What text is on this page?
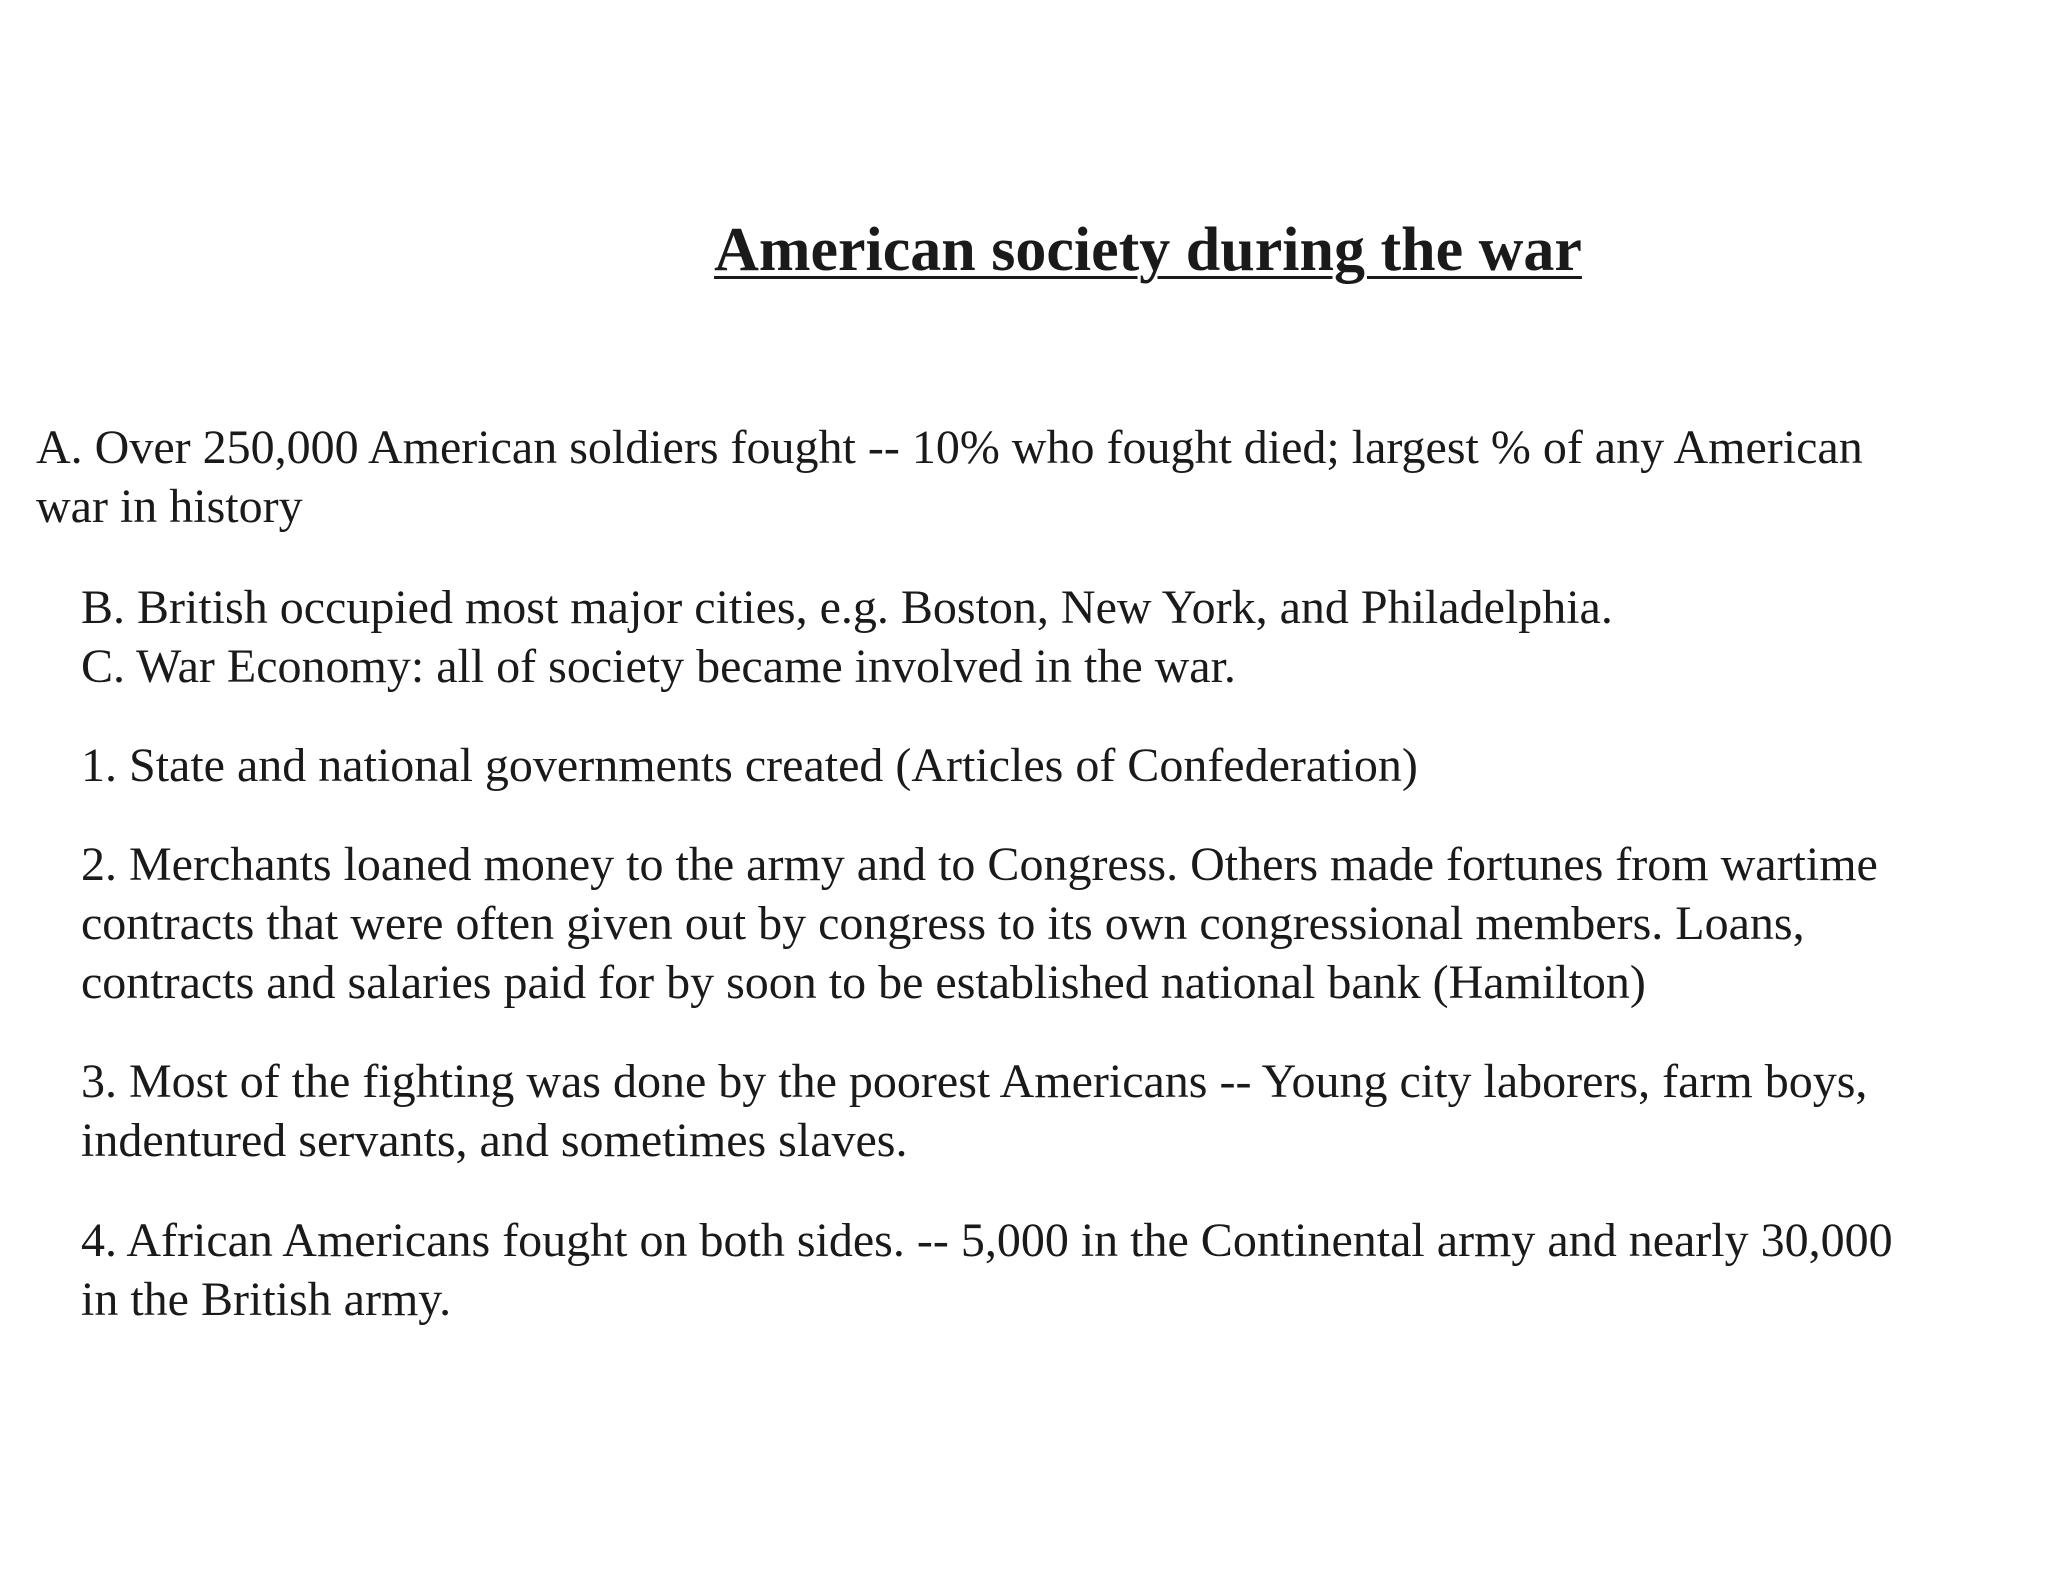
American society during the war

A. Over 250,000 American soldiers fought -- 10% who fought died; largest % of any American
war in history

B. British occupied most major cities, e.g. Boston, New York, and Philadelphia.

C. War Economy: all of society became involved in the war.

1. State and national governments created (Articles of Confederation)

2. Merchants loaned money to the army and to Congress. Others made fortunes from wartime
contracts that were often given out by congress to its own congressional members. Loans,
contracts and salaries paid for by soon to be established national bank (Hamilton)

3. Most of the fighting was done by the poorest Americans -- Young city laborers, farm boys,
indentured servants, and sometimes slaves.

4. African Americans fought on both sides. -- 5,000 in the Continental army and nearly 30,000
in the British army.
